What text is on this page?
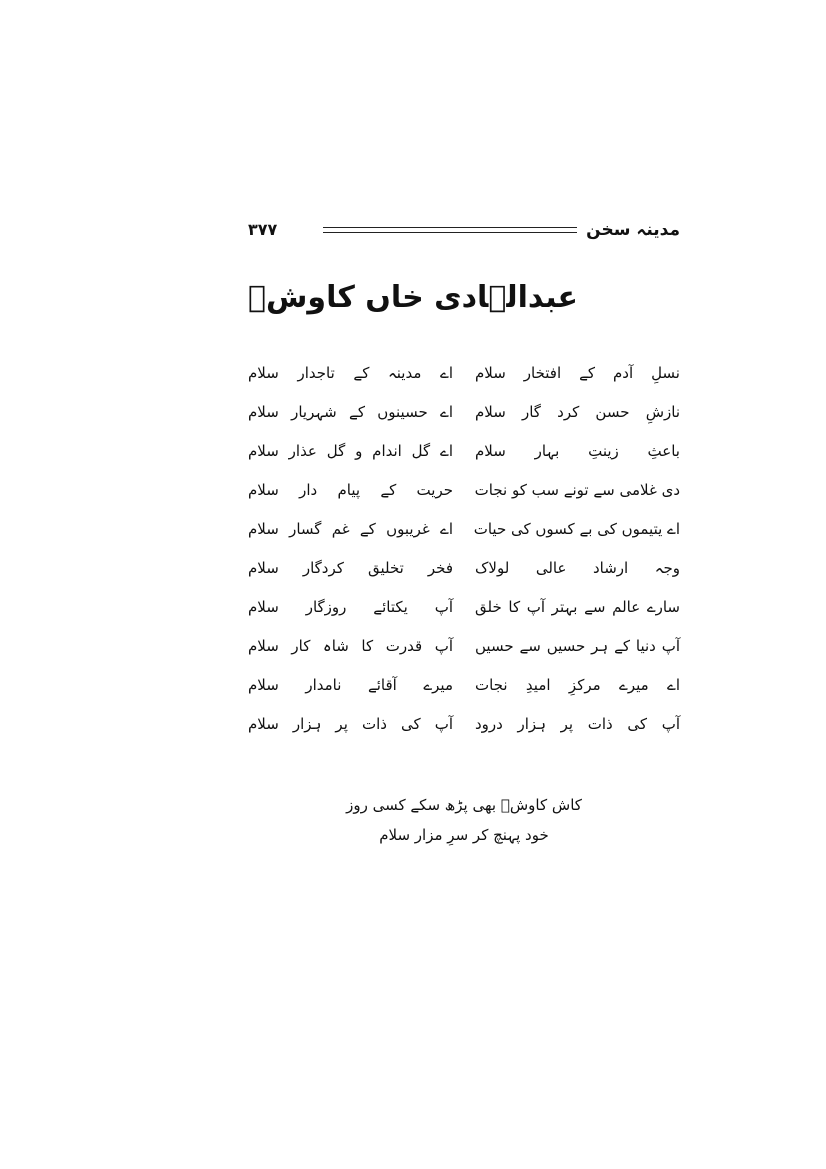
۳۷۷	مدینہ سخن
عبدالہادی خاں کاوشؔ
نسلِ آدم کے افتخار سلام
اے مدینہ کے تاجدار سلام
نازشِ حسن کرد گار سلام
اے حسینوں کے شہریار سلام
باعثِ زینتِ بہار سلام
اے گل اندام و گل عذار سلام
دی غلامی سے تونے سب کو نجات
حریت کے پیام دار سلام
اے یتیموں کی بے کسوں کی حیات
اے غریبوں کے غم گسار سلام
وجہ ارشاد عالی لولاک
فخر تخلیق کردگار سلام
سارے عالم سے بہتر آپ کا خلق
آپ یکتائے روزگار سلام
آپ دنیا کے ہر حسیں سے حسیں
آپ قدرت کا شاہ کار سلام
اے میرے مرکزِ امیدِ نجات
میرے آقائے نامدار سلام
آپ کی ذات پر ہزار درود
آپ کی ذات پر ہزار سلام
کاش کاوشؔ بھی پڑھ سکے کسی روز
خود پہنچ کر سرِ مزار سلام
